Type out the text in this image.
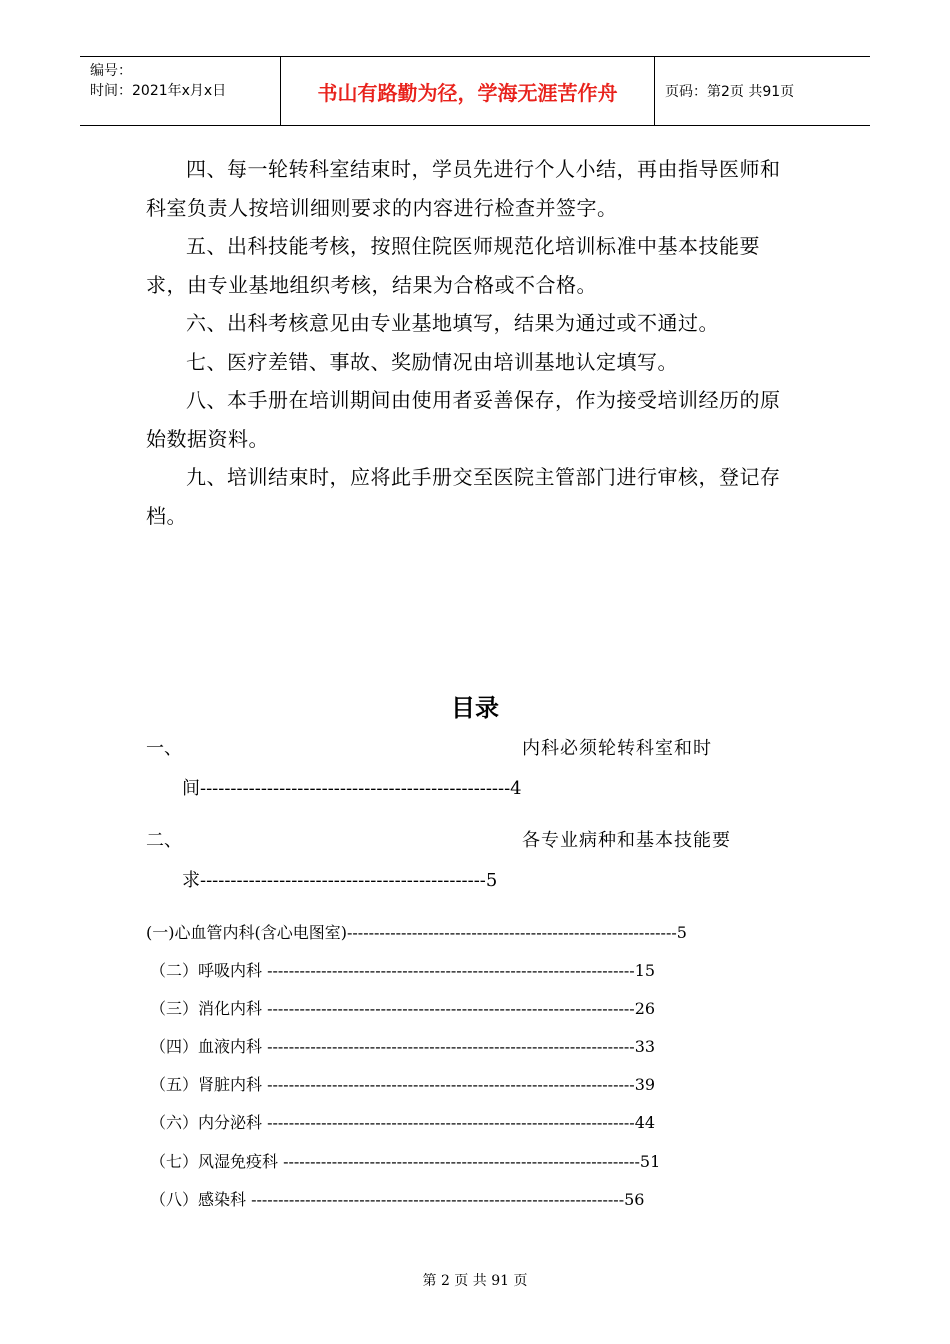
编号：
时间：2021年x月x日	书山有路勤为径，学海无涯苦作舟	页码：第2页 共91页

四、每一轮转科室结束时，学员先进行个人小结，再由指导医师和科室负责人按培训细则要求的内容进行检查并签字。

五、出科技能考核，按照住院医师规范化培训标准中基本技能要求，由专业基地组织考核，结果为合格或不合格。

六、出科考核意见由专业基地填写，结果为通过或不通过。

七、医疗差错、事故、奖励情况由培训基地认定填写。

八、本手册在培训期间由使用者妥善保存，作为接受培训经历的原始数据资料。

九、培训结束时，应将此手册交至医院主管部门进行审核，登记存档。

目录
一、	内科必须轮转科室和时
间---------------------------------------------------4
二、	各专业病种和基本技能要
求-----------------------------------------------5
(一)心血管内科(含心电图室)-------------------------------------------------------------5
（二）呼吸内科 --------------------------------------------------------------------15
（三）消化内科 --------------------------------------------------------------------26
（四）血液内科 --------------------------------------------------------------------33
（五）肾脏内科 --------------------------------------------------------------------39
（六）内分泌科 --------------------------------------------------------------------44
（七）风湿免疫科 ------------------------------------------------------------------51
（八）感染科 ---------------------------------------------------------------------56
第 2 页 共 91 页
